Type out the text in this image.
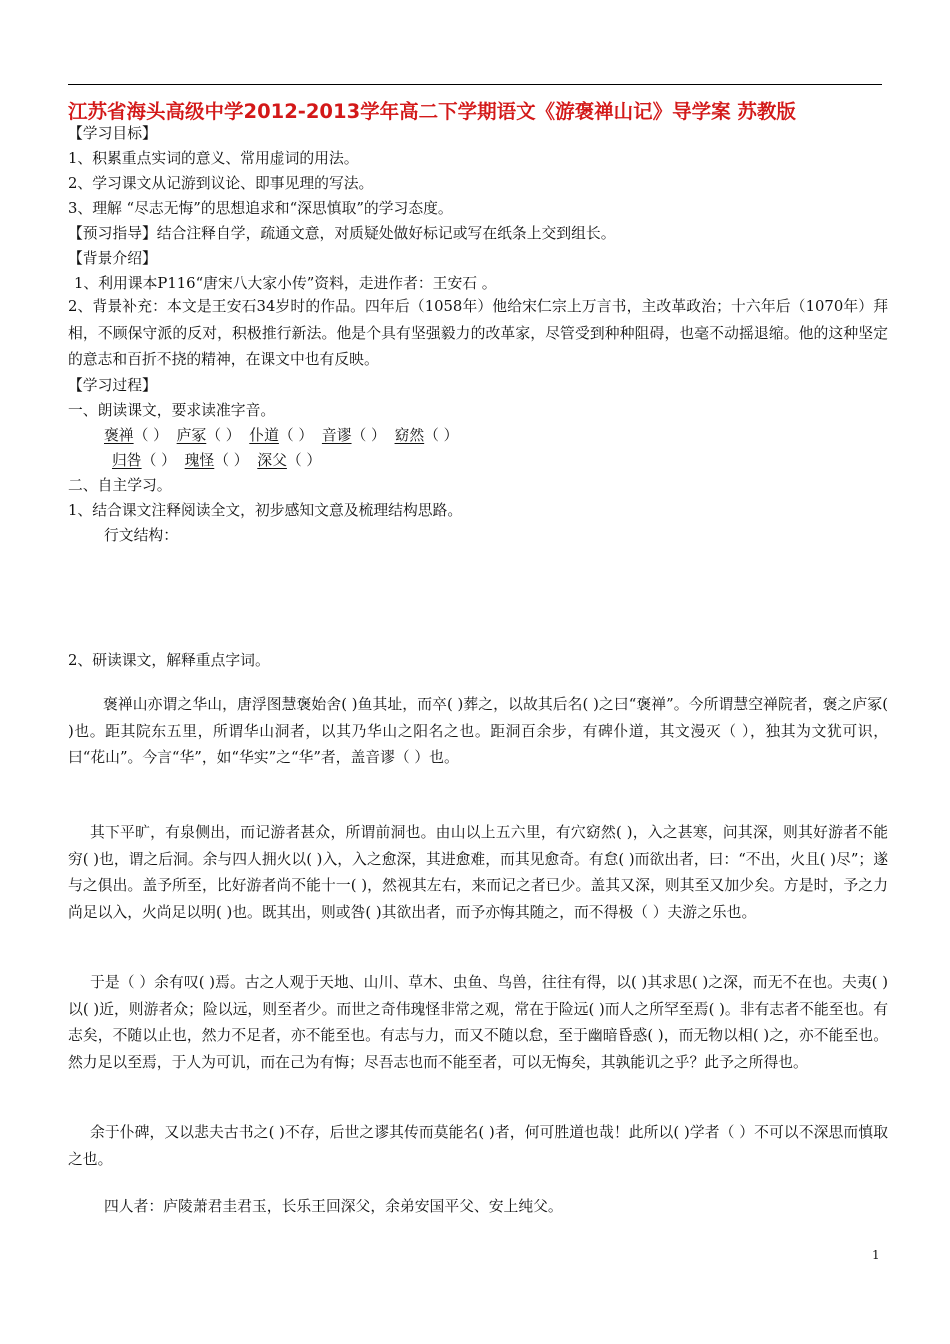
江苏省海头高级中学2012-2013学年高二下学期语文《游褒禅山记》导学案 苏教版
【学习目标】
1、积累重点实词的意义、常用虚词的用法。
2、学习课文从记游到议论、即事见理的写法。
3、理解 “尽志无悔”的思想追求和“深思慎取”的学习态度。
【预习指导】结合注释自学，疏通文意，对质疑处做好标记或写在纸条上交到组长。
【背景介绍】
1、利用课本P116“唐宋八大家小传”资料，走进作者：王安石 。
2、背景补充：本文是王安石34岁时的作品。四年后（1058年）他给宋仁宗上万言书，主改革政治；十六年后（1070年）拜相，不顾保守派的反对，积极推行新法。他是个具有坚强毅力的改革家，尽管受到种种阻碍，也毫不动摇退缩。他的这种坚定的意志和百折不挠的精神，在课文中也有反映。
【学习过程】
一、朗读课文，要求读准字音。
褒禅（ ） 庐冢（ ） 仆道（ ） 音谬（ ） 窈然（ ）
归咎（ ） 瑰怪（ ） 深父（ ）
二、自主学习。
1、结合课文注释阅读全文，初步感知文意及梳理结构思路。
行文结构：
2、研读课文，解释重点字词。
褒禅山亦谓之华山，唐浮图慧褒始舍( )鱼其址，而卒( )葬之，以故其后名( )之曰“褒禅”。今所谓慧空禅院者，褒之庐冢( )也。距其院东五里，所谓华山洞者，以其乃华山之阳名之也。距洞百余步，有碑仆道，其文漫灭（ ），独其为文犹可识，曰“花山”。今言“华”，如“华实”之“华”者，盖音谬（ ）也。
其下平旷，有泉侧出，而记游者甚众，所谓前洞也。由山以上五六里，有穴窈然( )，入之甚寒，问其深，则其好游者不能穷( )也，谓之后洞。余与四人拥火以( )入，入之愈深，其进愈难，而其见愈奇。有怠( )而欲出者，曰：“不出，火且( )尽”；遂与之俱出。盖予所至，比好游者尚不能十一( )，然视其左右，来而记之者已少。盖其又深，则其至又加少矣。方是时，予之力尚足以入，火尚足以明( )也。既其出，则或咎( )其欲出者，而予亦悔其随之，而不得极（ ）夫游之乐也。
于是（ ）余有叹( )焉。古之人观于天地、山川、草木、虫鱼、鸟兽，往往有得，以( )其求思( )之深，而无不在也。夫夷( )以( )近，则游者众；险以远，则至者少。而世之奇伟瑰怪非常之观，常在于险远( )而人之所罕至焉( )。非有志者不能至也。有志矣，不随以止也，然力不足者，亦不能至也。有志与力，而又不随以怠，至于幽暗昏惑( )，而无物以相( )之，亦不能至也。然力足以至焉，于人为可讥，而在己为有悔；尽吾志也而不能至者，可以无悔矣，其孰能讥之乎？此予之所得也。
余于仆碑，又以悲夫古书之( )不存，后世之谬其传而莫能名( )者，何可胜道也哉！此所以( )学者（ ）不可以不深思而慎取之也。
四人者：庐陵萧君圭君玉，长乐王回深父，余弟安国平父、安上纯父。
1
